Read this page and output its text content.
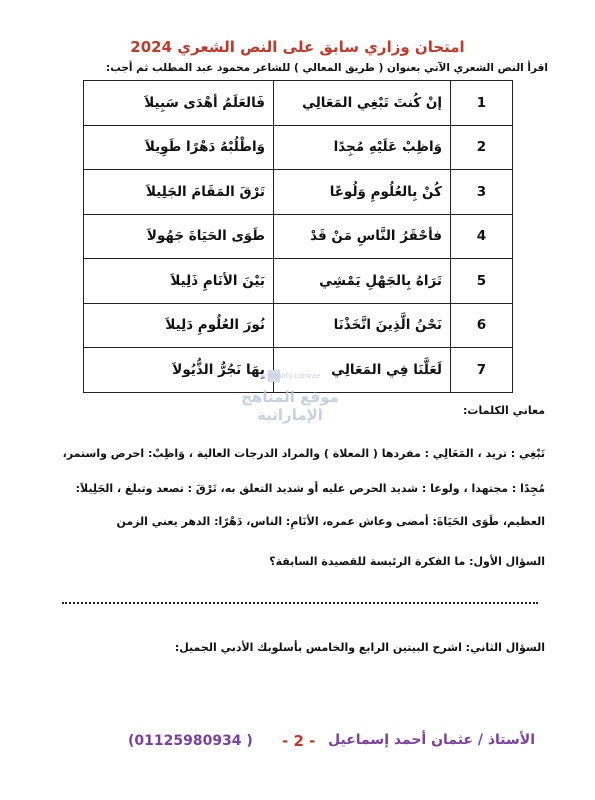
امتحان وزاري سابق على النص الشعري 2024
اقرأ النص الشعري الآتي بعنوان ( طريق المعالي ) للشاعر محمود عبد المطلب ثم أجب:
1	إنْ كُنتَ تَبْغِي المَعَالِي	فَالعَلَمُ أهْدَى سَبِيلاَ
2	وَاظِبْ عَلَيْهِ مُجِدًا	وَاطْلُبْهُ دَهْرًا طَوِيلاَ
3	كُنْ بِالعُلُومِ وَلُوعًا	تَرْقَ المَقَامَ الجَلِيلاَ
4	فأحْقَرُ النَّاسِ مَنْ قَدْ	طَوَى الحَيَاةَ جَهُولاَ
5	تَرَاهُ بِالجَهْلِ يَمْشِي	بَيْنَ الأنَامِ ذَلِيلاَ
6	نَحْنُ الَّذِينَ اتَّخَذْنَا	نُورَ العُلُومِ دَلِيلاَ
7	لَعَلَّنَا فِي المَعَالِي	بِهَا نَجُرُّ الذُّيُولاَ
almanahj.com/ae
موقع المناهج الإماراتية	معاني الكلمات:
تَبْغِي : تريد ، المَعَالِي : مفردها ( المعلاة ) والمراد الدرجات العالية ، وَاظِبْ: احرص واستمر،
مُجِدًا : مجتهدا ، ولوعا : شديد الحرص عليه أو شديد التعلق به، تَرْقَ : تصعد وتبلغ ، الجَلِيلاَ:
العظيم، طَوَى الحَيَاةَ: أمضى وعاش عمره، الأنَامِ: الناس، دَهْرًا: الدهر يعني الزمن
السؤال الأول: ما الفكرة الرئيسة للقصيدة السابقة؟
السؤال الثاني: اشرح البيتين الرابع والخامس بأسلوبك الأدبي الجميل:
الأستاذ / عثمان أحمد إسماعيل
- 2 -
(01125980934 )
